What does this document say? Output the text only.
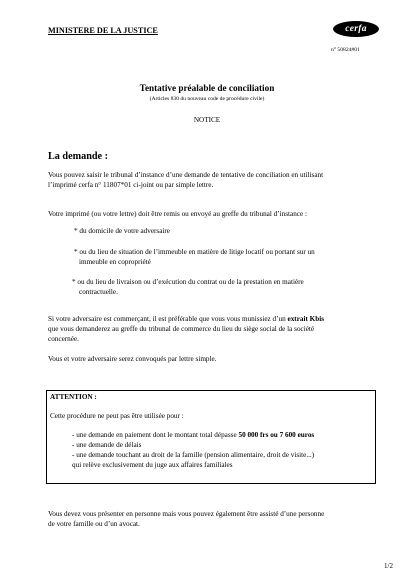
MINISTERE DE LA JUSTICE	cerfa
n° 50824#01
Tentative préalable de conciliation
(Articles 830 du nouveau code de procédure civile)
NOTICE
La demande :
Vous pouvez saisir le tribunal d’instance d’une demande de tentative de conciliation en utilisant
l’imprimé cerfa n° 11807*01 ci-joint ou par simple lettre.
Votre imprimé (ou votre lettre) doit être remis ou envoyé au greffe du tribunal d’instance :
* du domicile de votre adversaire
* ou du lieu de situation de l’immeuble en matière de litige locatif ou portant sur un
immeuble en copropriété
* ou du lieu de livraison ou d’exécution du contrat ou de la prestation en matière
contractuelle.
Si votre adversaire est commerçant, il est préférable que vous vous munissiez d’un extrait Kbis
que vous demanderez au greffe du tribunal de commerce du lieu du siège social de la société
concernée.
Vous et votre adversaire serez convoqués par lettre simple.
ATTENTION :
Cette procédure ne peut pas être utilisée pour :
- une demande en paiement dont le montant total dépasse 50 000 frs ou 7 600 euros
- une demande de délais
- une demande touchant au droit de la famille (pension alimentaire, droit de visite...)
qui relève exclusivement du juge aux affaires familiales
Vous devez vous présenter en personne mais vous pouvez également être assisté d’une personne
de votre famille ou d’un avocat.
1/2
